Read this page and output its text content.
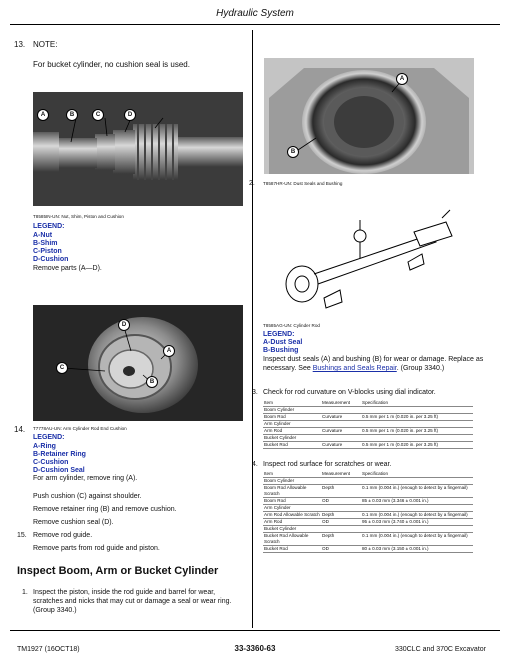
Hydraulic System
13. NOTE:
For bucket cylinder, no cushion seal is used.
A	B	C	D
T8585IN-UN: Nut, Shim, Piston and Cushion
LEGEND:
A-Nut
B-Shim
C-Piston
D-Cushion
Remove parts (A—D).
D
A
C
B
14. T7778AU-UN: Arm Cylinder Rod End Cushion
LEGEND:
A-Ring
B-Retainer Ring
C-Cushion
D-Cushion Seal
For arm cylinder, remove ring (A).
Push cushion (C) against shoulder.
Remove retainer ring (B) and remove cushion.
Remove cushion seal (D).
15. Remove rod guide.
Remove parts from rod guide and piston.
Inspect Boom, Arm or Bucket Cylinder
1. Inspect the piston, inside the rod guide and barrel for wear, scratches and nicks that may cut or damage a seal or wear ring. (Group 3340.)
A
B
2. T8587HR-UN: Dust Seals and Bushing
T8585AG-UN: Cylinder Rod
LEGEND:
A-Dust Seal
B-Bushing
Inspect dust seals (A) and bushing (B) for wear or damage. Replace as necessary. See Bushings and Seals Repair. (Group 3340.)
3. Check for rod curvature on V-blocks using dial indicator.
Item	Measurement	Specification
Boom Cylinder		
Boom Rod	Curvature	0.5 mm per 1 m (0.020 in. per 3.25 ft)
Arm Cylinder		
Arm Rod	Curvature	0.5 mm per 1 m (0.020 in. per 3.25 ft)
Bucket Cylinder		
Bucket Rod	Curvature	0.5 mm per 1 m (0.020 in. per 3.25 ft)
4. Inspect rod surface for scratches or wear.
Item	Measurement	Specification
Boom Cylinder		
Boom Rod Allowable Scratch	Depth	0.1 mm (0.004 in.) (enough to detect by a fingernail)
Boom Rod	OD	85 ± 0.03 mm (3.346 ± 0.001 in.)
Arm Cylinder		
Arm Rod Allowable Scratch	Depth	0.1 mm (0.004 in.) (enough to detect by a fingernail)
Arm Rod	OD	95 ± 0.03 mm (3.740 ± 0.001 in.)
Bucket Cylinder		
Bucket Rod Allowable Scratch	Depth	0.1 mm (0.004 in.) (enough to detect by a fingernail)
Bucket Rod	OD	80 ± 0.03 mm (3.150 ± 0.001 in.)
TM1927 (16OCT18)	33-3360-63	330CLC and 370C Excavator
